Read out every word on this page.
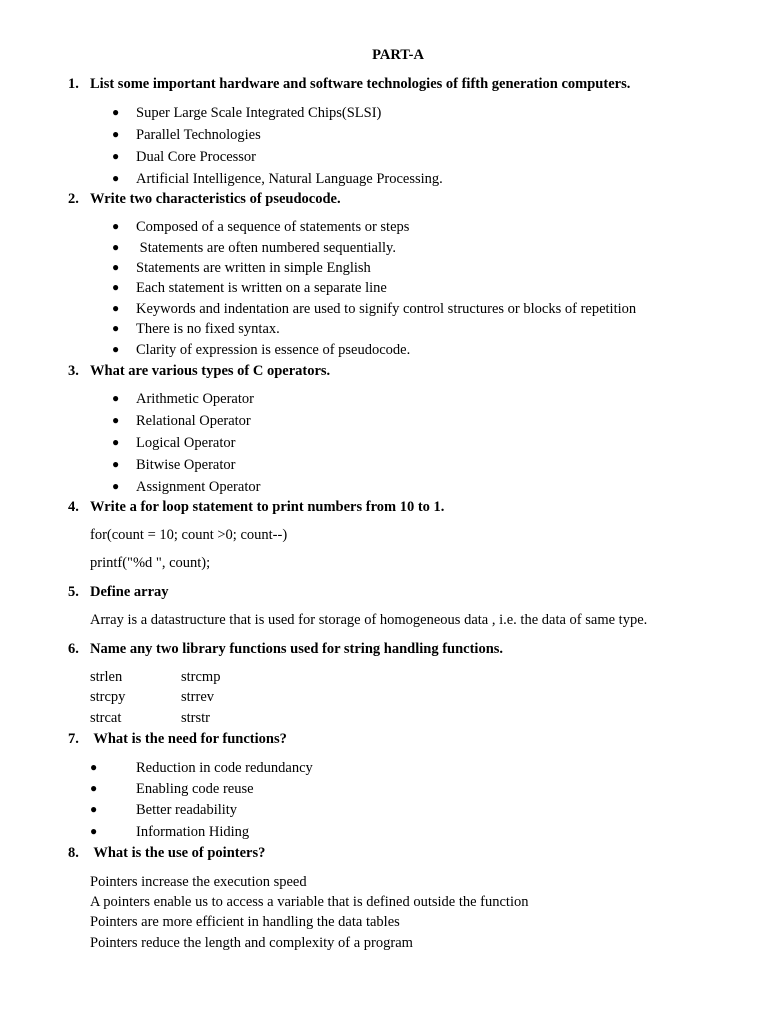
PART-A
1. List some important hardware and software technologies of fifth generation computers.
● Super Large Scale Integrated Chips(SLSI)
● Parallel Technologies
● Dual Core Processor
● Artificial Intelligence, Natural Language Processing.
2. Write two characteristics of pseudocode.
● Composed of a sequence of statements or steps
● Statements are often numbered sequentially.
● Statements are written in simple English
● Each statement is written on a separate line
● Keywords and indentation are used to signify control structures or blocks of repetition
● There is no fixed syntax.
● Clarity of expression is essence of pseudocode.
3. What are various types of C operators.
● Arithmetic Operator
● Relational Operator
● Logical Operator
● Bitwise Operator
● Assignment Operator
4. Write a for loop statement to print numbers from 10 to 1.
for(count = 10; count >0; count--)
printf("%d ", count);
5. Define array
Array is a datastructure that is used for storage of homogeneous data , i.e. the data of same type.
6. Name any two library functions used for string handling functions.
strlen	strcmp
strcpy	strrev
strcat	strstr
7. What is the need for functions?
●	Reduction in code redundancy
●	Enabling code reuse
●	Better readability
●	Information Hiding
8. What is the use of pointers?
Pointers increase the execution speed
A pointers enable us to access a variable that is defined outside the function
Pointers are more efficient in handling the data tables
Pointers reduce the length and complexity of a program
